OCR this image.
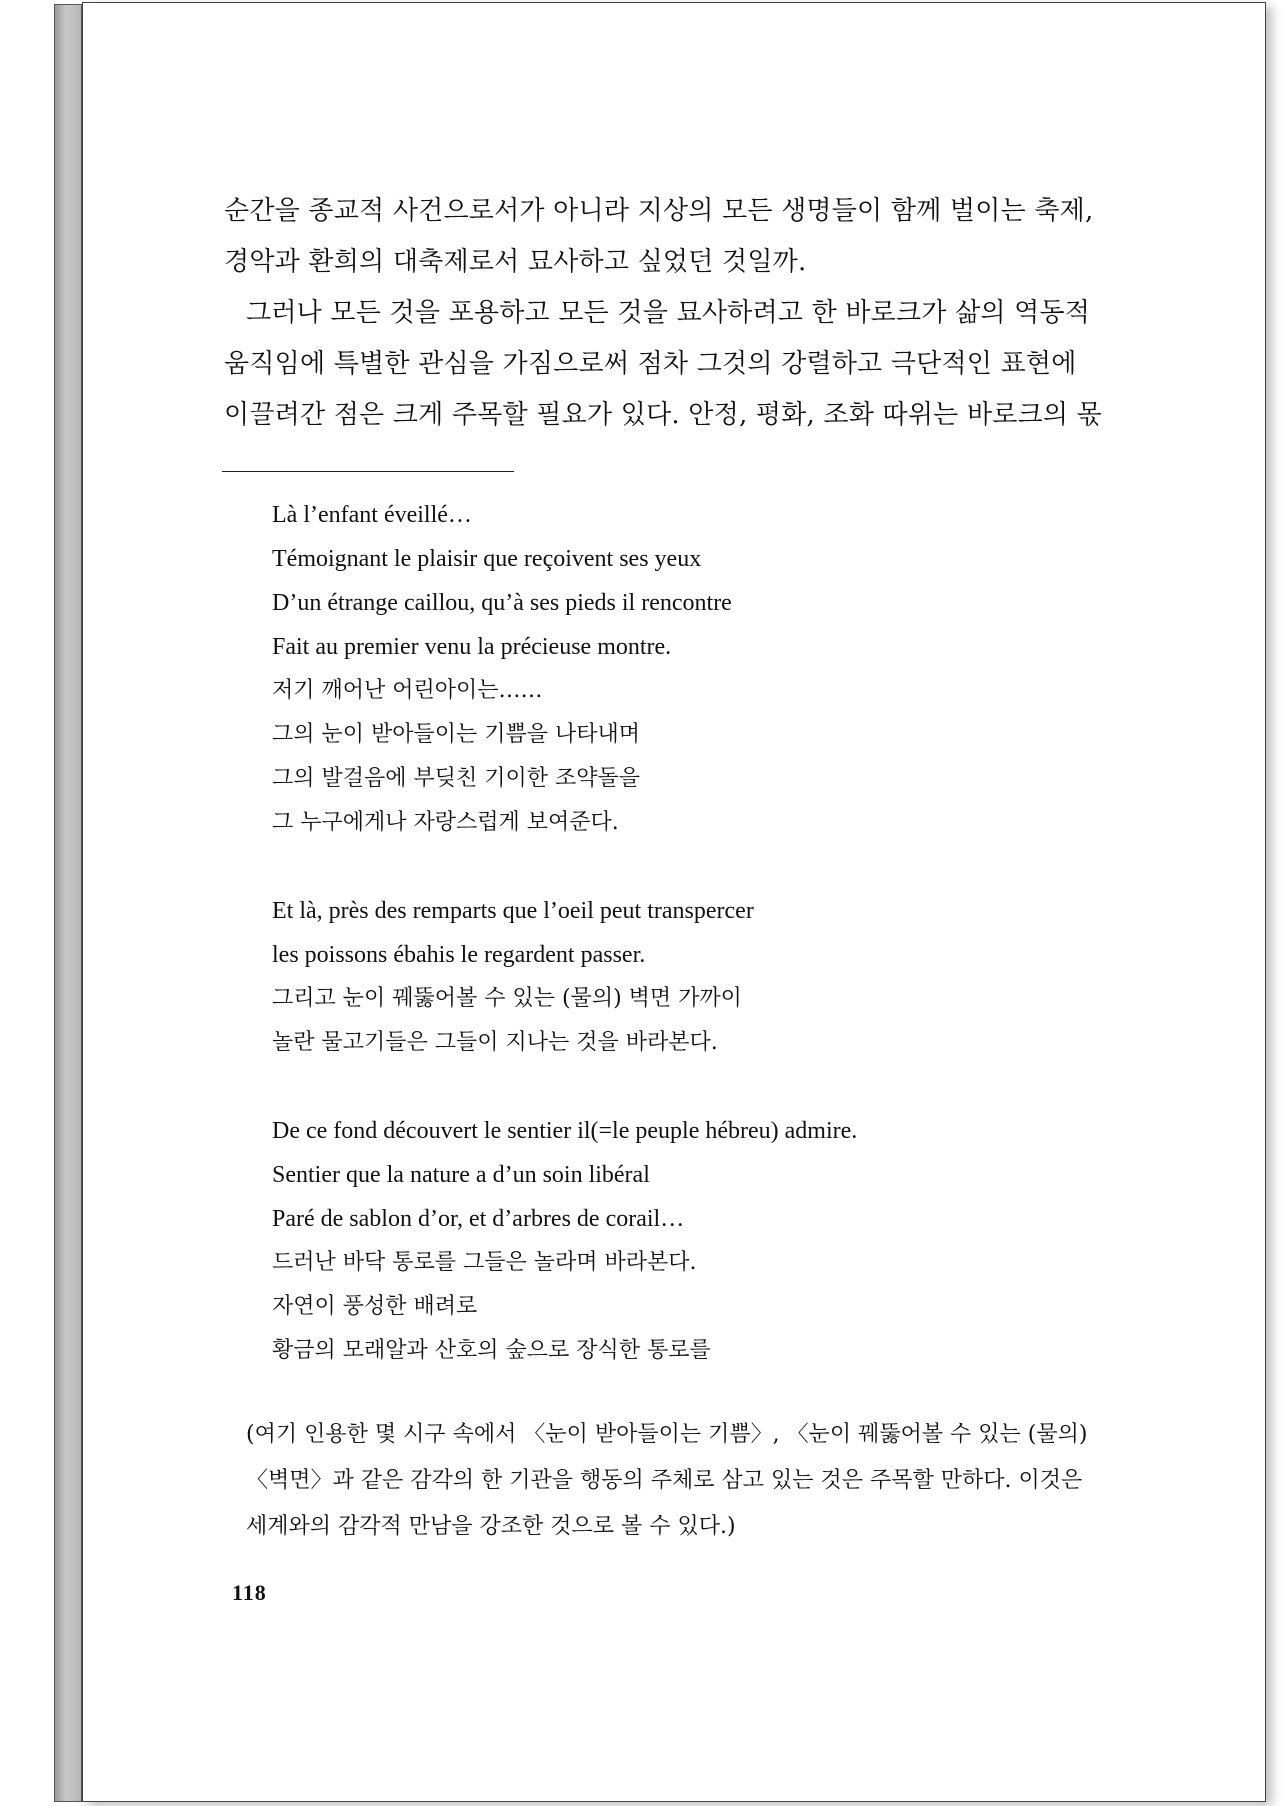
순간을 종교적 사건으로서가 아니라 지상의 모든 생명들이 함께 벌이는 축제, 경악과 환희의 대축제로서 묘사하고 싶었던 것일까.

그러나 모든 것을 포용하고 모든 것을 묘사하려고 한 바로크가 삶의 역동적 움직임에 특별한 관심을 가짐으로써 점차 그것의 강렬하고 극단적인 표현에 이끌려간 점은 크게 주목할 필요가 있다. 안정, 평화, 조화 따위는 바로크의 몫

Là l’enfant éveillé…
Témoignant le plaisir que reçoivent ses yeux
D’un étrange caillou, qu’à ses pieds il rencontre
Fait au premier venu la précieuse montre.
저기 깨어난 어린아이는……
그의 눈이 받아들이는 기쁨을 나타내며
그의 발걸음에 부딪친 기이한 조약돌을
그 누구에게나 자랑스럽게 보여준다.
Et là, près des remparts que l’oeil peut transpercer
les poissons ébahis le regardent passer.
그리고 눈이 꿰뚫어볼 수 있는 (물의) 벽면 가까이
놀란 물고기들은 그들이 지나는 것을 바라본다.
De ce fond découvert le sentier il(=le peuple hébreu) admire.
Sentier que la nature a d’un soin libéral
Paré de sablon d’or, et d’arbres de corail…
드러난 바닥 통로를 그들은 놀라며 바라본다.
자연이 풍성한 배려로
황금의 모래알과 산호의 숲으로 장식한 통로를

(여기 인용한 몇 시구 속에서 〈눈이 받아들이는 기쁨〉, 〈눈이 꿰뚫어볼 수 있는 (물의)

〈벽면〉과 같은 감각의 한 기관을 행동의 주체로 삼고 있는 것은 주목할 만하다. 이것은

세계와의 감각적 만남을 강조한 것으로 볼 수 있다.)

118
